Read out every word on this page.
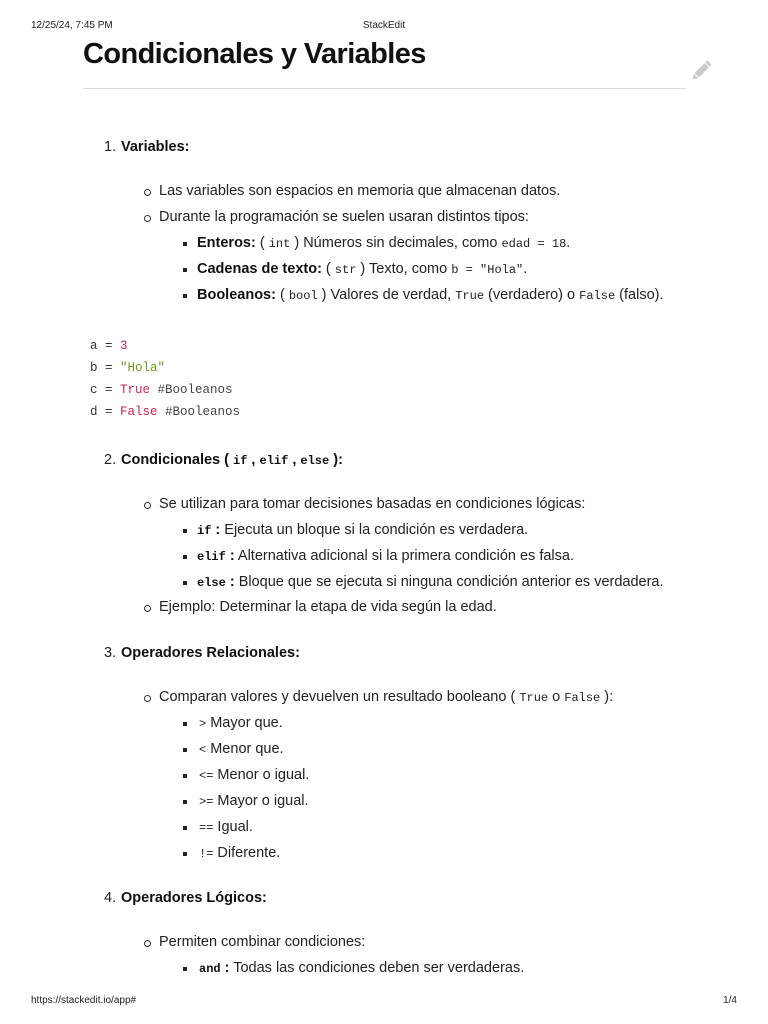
12/25/24, 7:45 PM	StackEdit
https://stackedit.io/app#	1/4
Condicionales y Variables
1. Variables:
Las variables son espacios en memoria que almacenan datos.
Durante la programación se suelen usaran distintos tipos:
Enteros: ( int ) Números sin decimales, como edad = 18.
Cadenas de texto: ( str ) Texto, como b = "Hola".
Booleanos: ( bool ) Valores de verdad, True (verdadero) o False (falso).
a = 3
b = "Hola"
c = True #Booleanos
d = False #Booleanos
2. Condicionales ( if , elif , else ):
Se utilizan para tomar decisiones basadas en condiciones lógicas:
if : Ejecuta un bloque si la condición es verdadera.
elif : Alternativa adicional si la primera condición es falsa.
else : Bloque que se ejecuta si ninguna condición anterior es verdadera.
Ejemplo: Determinar la etapa de vida según la edad.
3. Operadores Relacionales:
Comparan valores y devuelven un resultado booleano ( True o False ):
> Mayor que.
< Menor que.
<= Menor o igual.
>= Mayor o igual.
== Igual.
!= Diferente.
4. Operadores Lógicos:
Permiten combinar condiciones:
and : Todas las condiciones deben ser verdaderas.
